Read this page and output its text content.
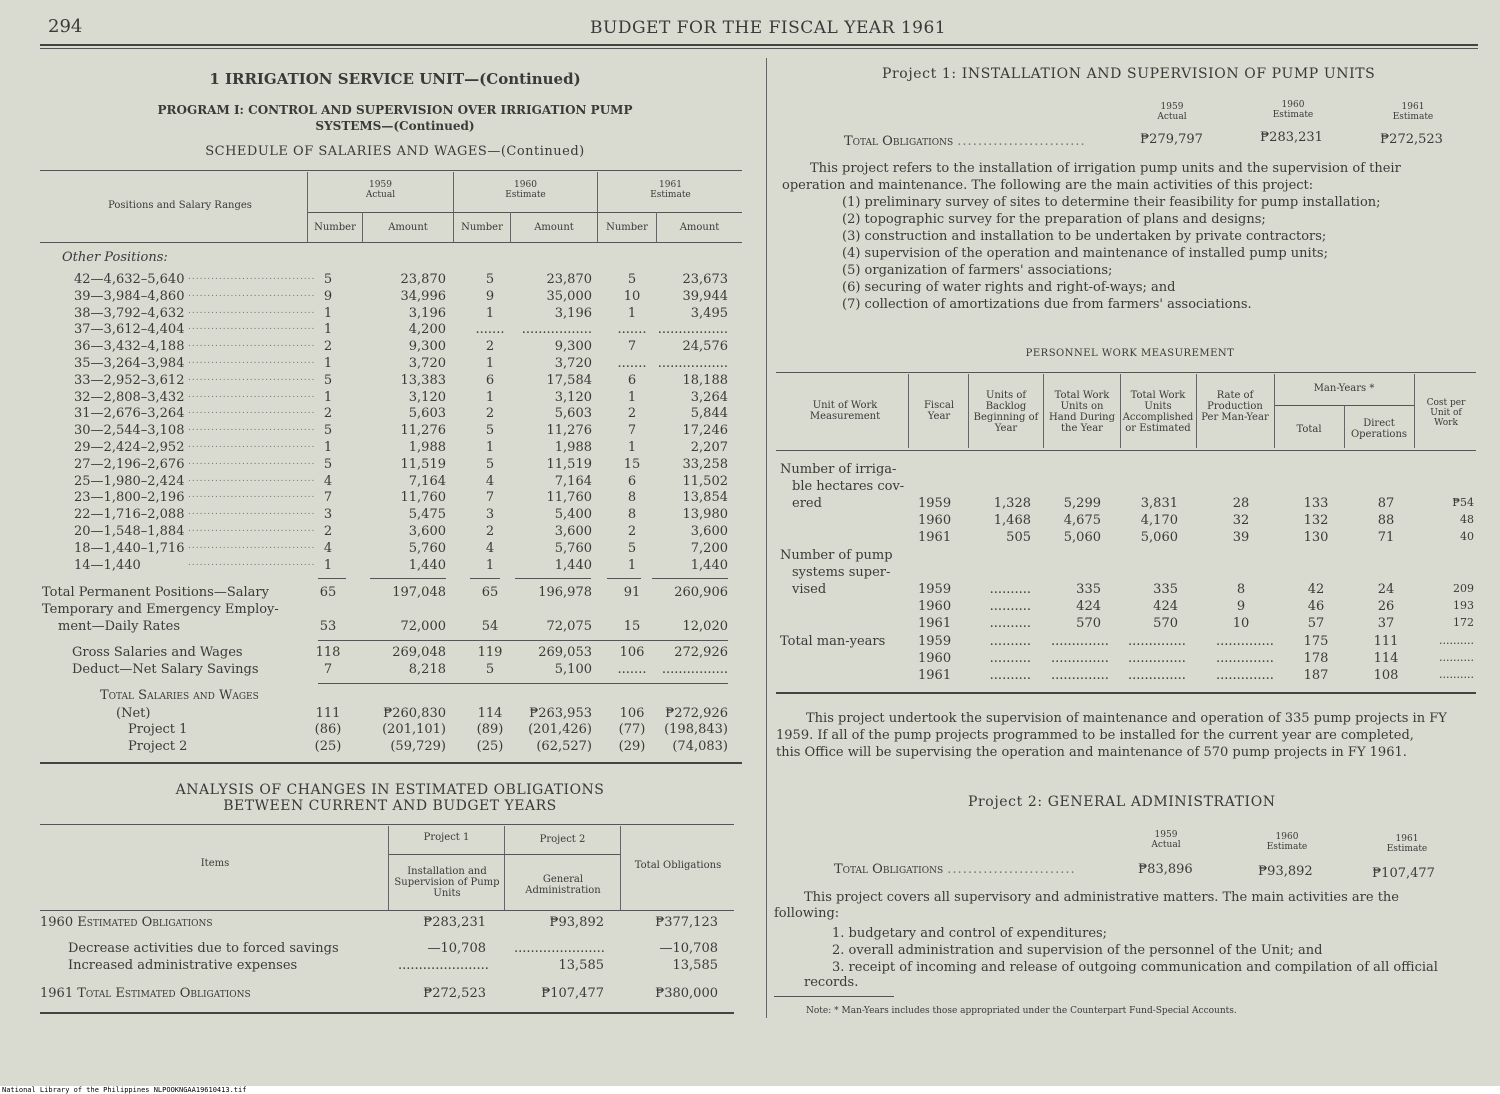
294	BUDGET FOR THE FISCAL YEAR 1961
1 IRRIGATION SERVICE UNIT—(Continued)
PROGRAM I: CONTROL AND SUPERVISION OVER IRRIGATION PUMP SYSTEMS—(Continued)
SCHEDULE OF SALARIES AND WAGES—(Continued)
Positions and Salary Ranges
1959
Actual
1960
Estimate
1961
Estimate
Number	Amount	Number	Amount	Number	Amount
Other Positions:
42—4,632–5,640 ................................. 5	23,870	5	23,870	5	23,673
39—3,984–4,860 ................................. 9	34,996	9	35,000	10	39,944
38—3,792–4,632 ................................. 1	3,196	1	3,196	1	3,495
37—3,612–4,404 ................................. 1	4,200	.......	.................	....... .................
36—3,432–4,188 ................................. 2	9,300	2	9,300	7	24,576
35—3,264–3,984 ................................. 1	3,720	1	3,720	....... .................
33—2,952–3,612 ................................. 5	13,383	6	17,584	6	18,188
32—2,808–3,432 ................................. 1	3,120	1	3,120	1	3,264
31—2,676–3,264 ................................. 2	5,603	2	5,603	2	5,844
30—2,544–3,108 ................................. 5	11,276	5	11,276	7	17,246
29—2,424–2,952 ................................. 1	1,988	1	1,988	1	2,207
27—2,196–2,676 ................................. 5	11,519	5	11,519	15	33,258
25—1,980–2,424 ................................. 4	7,164	4	7,164	6	11,502
23—1,800–2,196 ................................. 7	11,760	7	11,760	8	13,854
22—1,716–2,088 ................................. 3	5,475	3	5,400	8	13,980
20—1,548–1,884 ................................. 2	3,600	2	3,600	2	3,600
18—1,440–1,716 ................................. 4	5,760	4	5,760	5	7,200
14—1,440	................................. 1	1,440	1	1,440	1	1,440
Total Permanent Positions—Salary	65	197,048	65	196,978	91	260,906
Temporary and Emergency Employ-
ment—Daily Rates	53	72,000	54	72,075	15	12,020
Gross Salaries and Wages	118	269,048	119	269,053	106	272,926
Deduct—Net Salary Savings	7	8,218	5	5,100	.......	................
Total Salaries and Wages
(Net)	111	₱260,830	114	₱263,953	106	₱272,926
Project 1	(86)	(201,101)	(89)	(201,426)	(77)	(198,843)
Project 2	(25)	(59,729)	(25)	(62,527)	(29)	(74,083)
ANALYSIS OF CHANGES IN ESTIMATED OBLIGATIONS
BETWEEN CURRENT AND BUDGET YEARS
Items
Project 1	Project 2
Installation and Supervision of Pump Units
General Administration
Total Obligations
1960 Estimated Obligations	₱283,231	₱93,892	₱377,123
Decrease activities due to forced savings	—10,708 ......................	—10,708
Increased administrative expenses	......................	13,585	13,585
1961 Total Estimated Obligations	₱272,523	₱107,477	₱380,000
Project 1: INSTALLATION AND SUPERVISION OF PUMP UNITS
1959
Actual
1960
Estimate
1961
Estimate
Total Obligations .........................	₱279,797	₱283,231	₱272,523
This project refers to the installation of irrigation pump units and the supervision of their
operation and maintenance. The following are the main activities of this project:
(1) preliminary survey of sites to determine their feasibility for pump installation;
(2) topographic survey for the preparation of plans and designs;
(3) construction and installation to be undertaken by private contractors;
(4) supervision of the operation and maintenance of installed pump units;
(5) organization of farmers' associations;
(6) securing of water rights and right-of-ways; and
(7) collection of amortizations due from farmers' associations.
PERSONNEL WORK MEASUREMENT
Unit of Work Measurement
Fiscal Year
Units of Backlog Beginning of Year
Total Work Units on Hand During the Year
Total Work Units Accomplished or Estimated
Rate of Production Per Man-Year
Man-Years *
Total
Direct Operations
Cost per Unit of Work
Number of irriga-
ble hectares cov-
ered	1959	1,328	5,299	3,831	28	133	87	₱54
1960	1,468	4,675	4,170	32	132	88	48
1961	505	5,060	5,060	39	130	71	40
Number of pump
systems super-
vised	1959	..........	335	335	8	42	24	209
1960	..........	424	424	9	46	26	193
1961	..........	570	570	10	57	37	172
Total man-years	1959	.......... .............. .............. ..............	175	111	..........
1960	.......... .............. .............. ..............	178	114	..........
1961	.......... .............. .............. ..............	187	108	..........
This project undertook the supervision of maintenance and operation of 335 pump projects in FY
1959. If all of the pump projects programmed to be installed for the current year are completed,
this Office will be supervising the operation and maintenance of 570 pump projects in FY 1961.
Project 2: GENERAL ADMINISTRATION
1959
Actual
1960
Estimate
1961
Estimate
Total Obligations .........................	₱83,896	₱93,892	₱107,477
This project covers all supervisory and administrative matters. The main activities are the
following:
1. budgetary and control of expenditures;
2. overall administration and supervision of the personnel of the Unit; and
3. receipt of incoming and release of outgoing communication and compilation of all official
records.
Note: * Man-Years includes those appropriated under the Counterpart Fund-Special Accounts.
National Library of the Philippines NLPOOKNGAA19610413.tif
